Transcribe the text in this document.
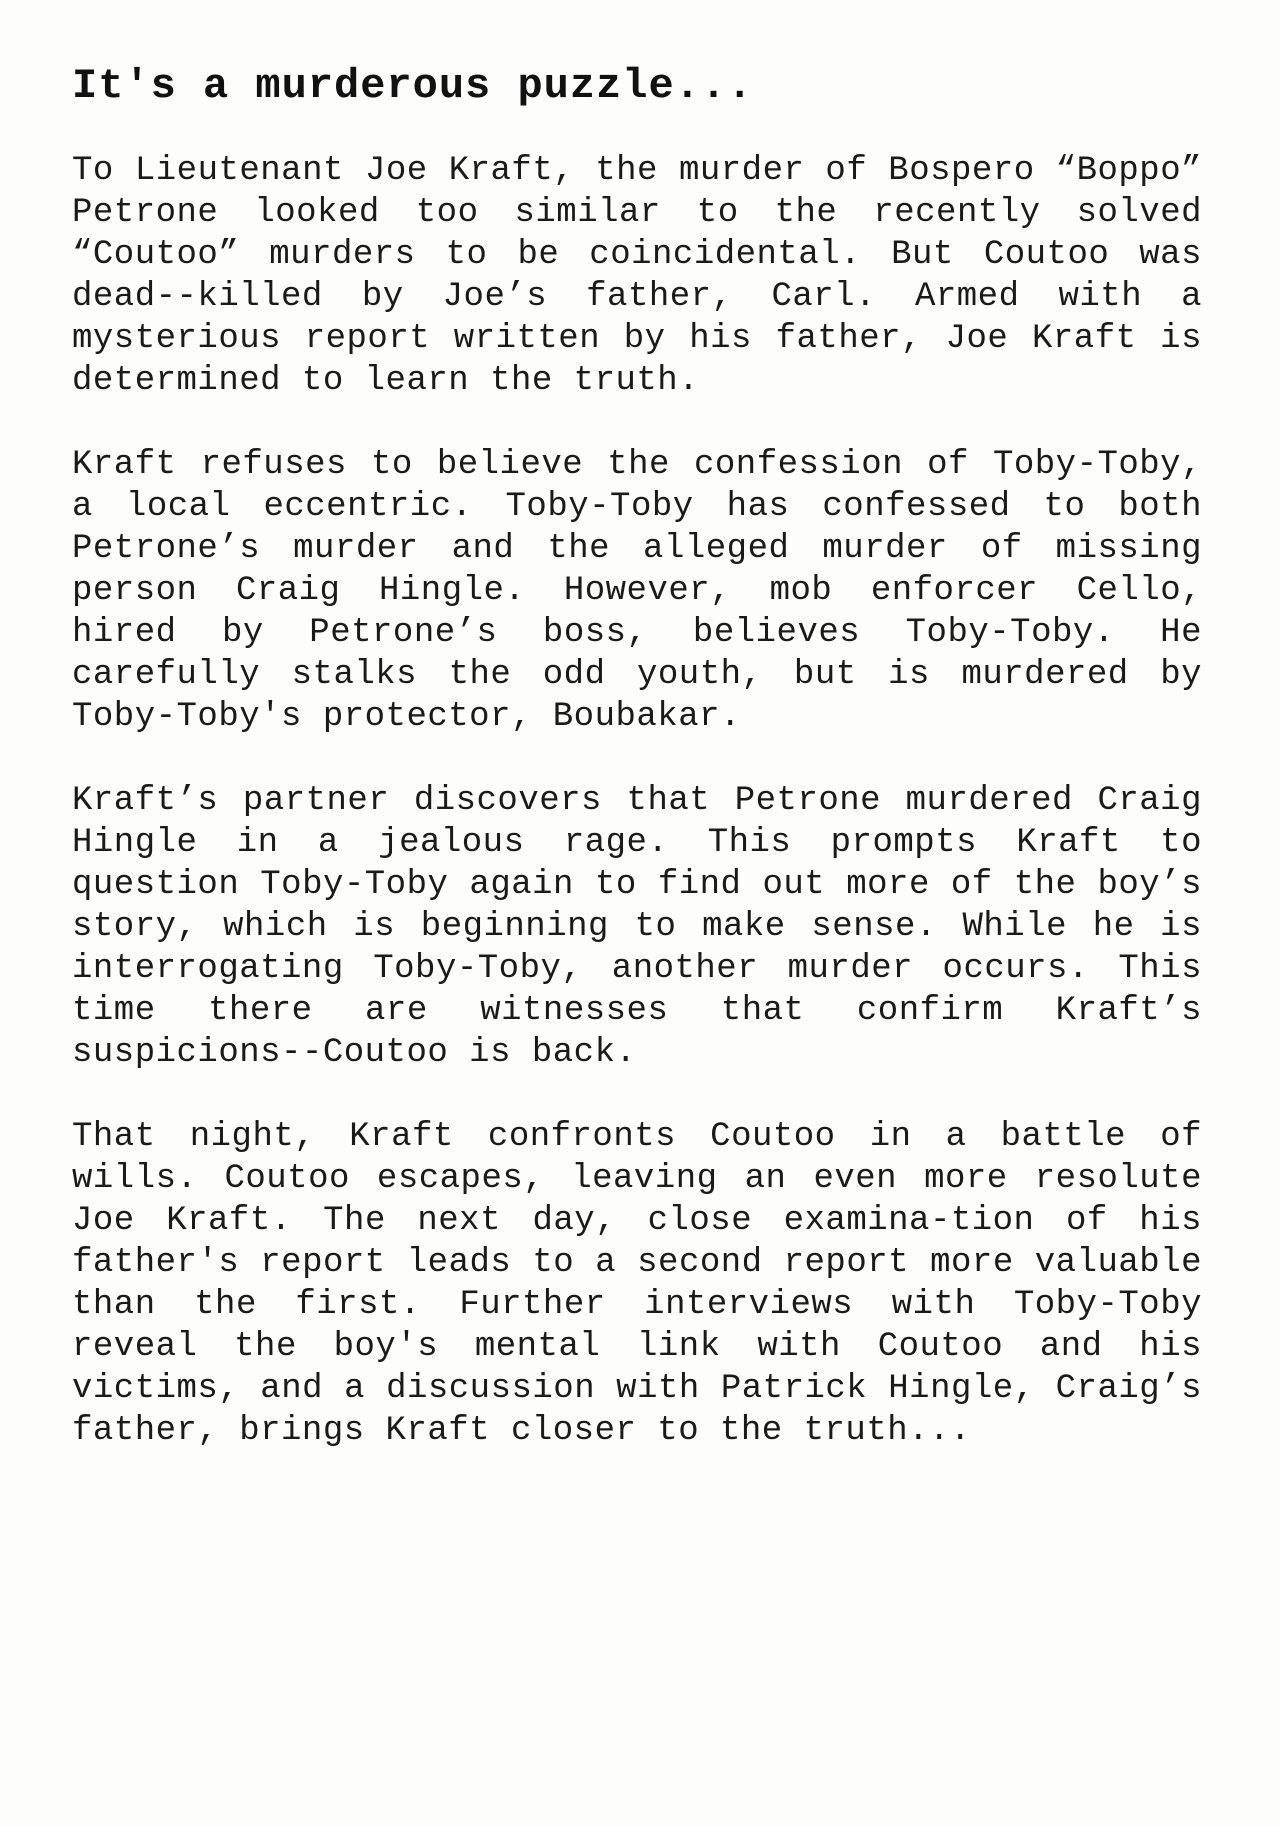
It's a murderous puzzle...

To Lieutenant Joe Kraft, the murder of Bospero “Boppo” Petrone looked too similar to the recently solved “Coutoo” murders to be coincidental. But Coutoo was dead--killed by Joe’s father, Carl. Armed with a mysterious report written by his father, Joe Kraft is determined to learn the truth.

Kraft refuses to believe the confession of Toby-Toby, a local eccentric. Toby-Toby has confessed to both Petrone’s murder and the alleged murder of missing person Craig Hingle. However, mob enforcer Cello, hired by Petrone’s boss, believes Toby-Toby. He carefully stalks the odd youth, but is murdered by Toby-Toby's protector, Boubakar.

Kraft’s partner discovers that Petrone murdered Craig Hingle in a jealous rage. This prompts Kraft to question Toby-Toby again to find out more of the boy’s story, which is beginning to make sense. While he is interrogating Toby-Toby, another murder occurs. This time there are witnesses that confirm Kraft’s suspicions--Coutoo is back.

That night, Kraft confronts Coutoo in a battle of wills. Coutoo escapes, leaving an even more resolute Joe Kraft. The next day, close examina-tion of his father's report leads to a second report more valuable than the first. Further interviews with Toby-Toby reveal the boy's mental link with Coutoo and his victims, and a discussion with Patrick Hingle, Craig’s father, brings Kraft closer to the truth...
